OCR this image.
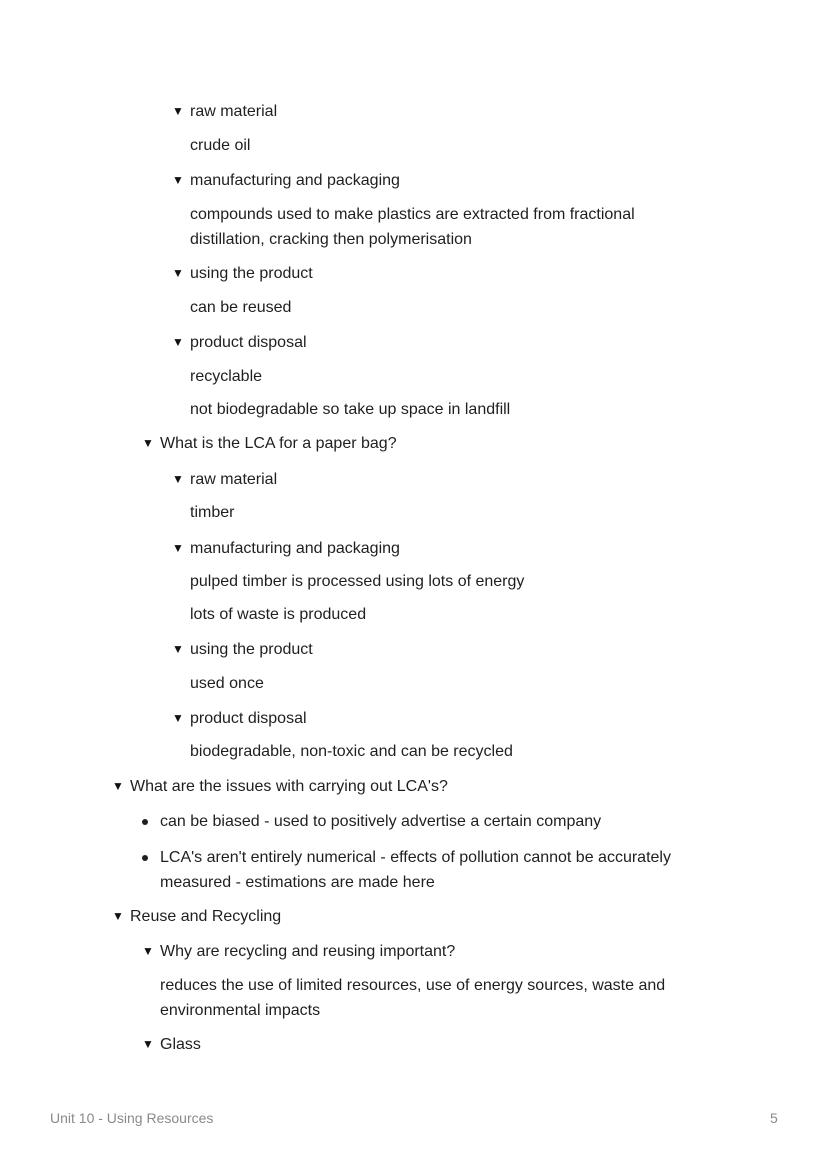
▼ raw material
crude oil
▼ manufacturing and packaging
compounds used to make plastics are extracted from fractional
distillation, cracking then polymerisation
▼ using the product
can be reused
▼ product disposal
recyclable
not biodegradable so take up space in landfill
▼ What is the LCA for a paper bag?
▼ raw material
timber
▼ manufacturing and packaging
pulped timber is processed using lots of energy
lots of waste is produced
▼ using the product
used once
▼ product disposal
biodegradable, non-toxic and can be recycled
▼ What are the issues with carrying out LCA's?
can be biased - used to positively advertise a certain company
LCA's aren't entirely numerical - effects of pollution cannot be accurately
measured - estimations are made here
▼ Reuse and Recycling
▼ Why are recycling and reusing important?
reduces the use of limited resources, use of energy sources, waste and
environmental impacts
▼ Glass
Unit 10 - Using Resources	5
